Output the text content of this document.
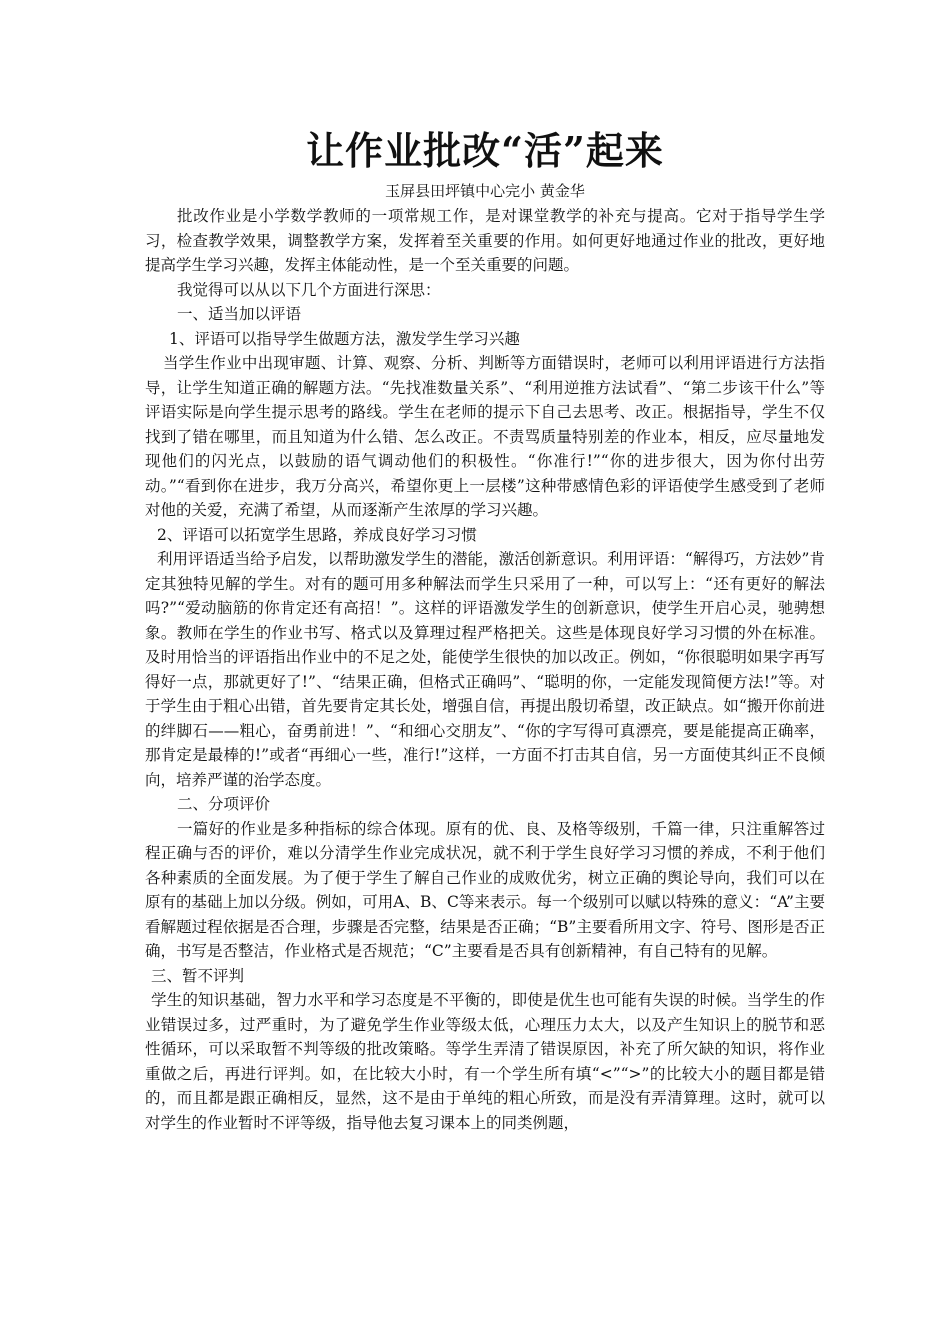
让作业批改“活”起来
玉屏县田坪镇中心完小 黄金华

批改作业是小学数学教师的一项常规工作，是对课堂教学的补充与提高。它对于指导学生学习，检查教学效果，调整教学方案，发挥着至关重要的作用。如何更好地通过作业的批改，更好地提高学生学习兴趣，发挥主体能动性，是一个至关重要的问题。

我觉得可以从以下几个方面进行深思：

一、适当加以评语

1、评语可以指导学生做题方法，激发学生学习兴趣

当学生作业中出现审题、计算、观察、分析、判断等方面错误时，老师可以利用评语进行方法指导，让学生知道正确的解题方法。“先找准数量关系”、“利用逆推方法试看”、“第二步该干什么”等评语实际是向学生提示思考的路线。学生在老师的提示下自己去思考、改正。根据指导，学生不仅找到了错在哪里，而且知道为什么错、怎么改正。不责骂质量特别差的作业本，相反，应尽量地发现他们的闪光点，以鼓励的语气调动他们的积极性。“你准行!”“你的进步很大，因为你付出劳动。”“看到你在进步，我万分高兴，希望你更上一层楼”这种带感情色彩的评语使学生感受到了老师对他的关爱，充满了希望，从而逐渐产生浓厚的学习兴趣。

2、评语可以拓宽学生思路，养成良好学习习惯

利用评语适当给予启发，以帮助激发学生的潜能，激活创新意识。利用评语：“解得巧，方法妙”肯定其独特见解的学生。对有的题可用多种解法而学生只采用了一种，可以写上：“还有更好的解法吗?”“爱动脑筋的你肯定还有高招！”。这样的评语激发学生的创新意识，使学生开启心灵，驰骋想象。教师在学生的作业书写、格式以及算理过程严格把关。这些是体现良好学习习惯的外在标准。及时用恰当的评语指出作业中的不足之处，能使学生很快的加以改正。例如，“你很聪明如果字再写得好一点，那就更好了!”、“结果正确，但格式正确吗”、“聪明的你，一定能发现简便方法!”等。对于学生由于粗心出错，首先要肯定其长处，增强自信，再提出殷切希望，改正缺点。如“搬开你前进的绊脚石——粗心，奋勇前进！”、“和细心交朋友”、“你的字写得可真漂亮，要是能提高正确率，那肯定是最棒的!”或者“再细心一些，准行!”这样，一方面不打击其自信，另一方面使其纠正不良倾向，培养严谨的治学态度。

二、分项评价

一篇好的作业是多种指标的综合体现。原有的优、良、及格等级别，千篇一律，只注重解答过程正确与否的评价，难以分清学生作业完成状况，就不利于学生良好学习习惯的养成，不利于他们各种素质的全面发展。为了便于学生了解自己作业的成败优劣，树立正确的舆论导向，我们可以在原有的基础上加以分级。例如，可用A、B、C等来表示。每一个级别可以赋以特殊的意义：“A”主要看解题过程依据是否合理，步骤是否完整，结果是否正确；“B”主要看所用文字、符号、图形是否正确，书写是否整洁，作业格式是否规范；“C”主要看是否具有创新精神，有自己特有的见解。

三、暂不评判

学生的知识基础，智力水平和学习态度是不平衡的，即使是优生也可能有失误的时候。当学生的作业错误过多，过严重时，为了避免学生作业等级太低，心理压力太大，以及产生知识上的脱节和恶性循环，可以采取暂不判等级的批改策略。等学生弄清了错误原因，补充了所欠缺的知识，将作业重做之后，再进行评判。如，在比较大小时，有一个学生所有填“<”“>”的比较大小的题目都是错的，而且都是跟正确相反，显然，这不是由于单纯的粗心所致，而是没有弄清算理。这时，就可以对学生的作业暂时不评等级，指导他去复习课本上的同类例题，
